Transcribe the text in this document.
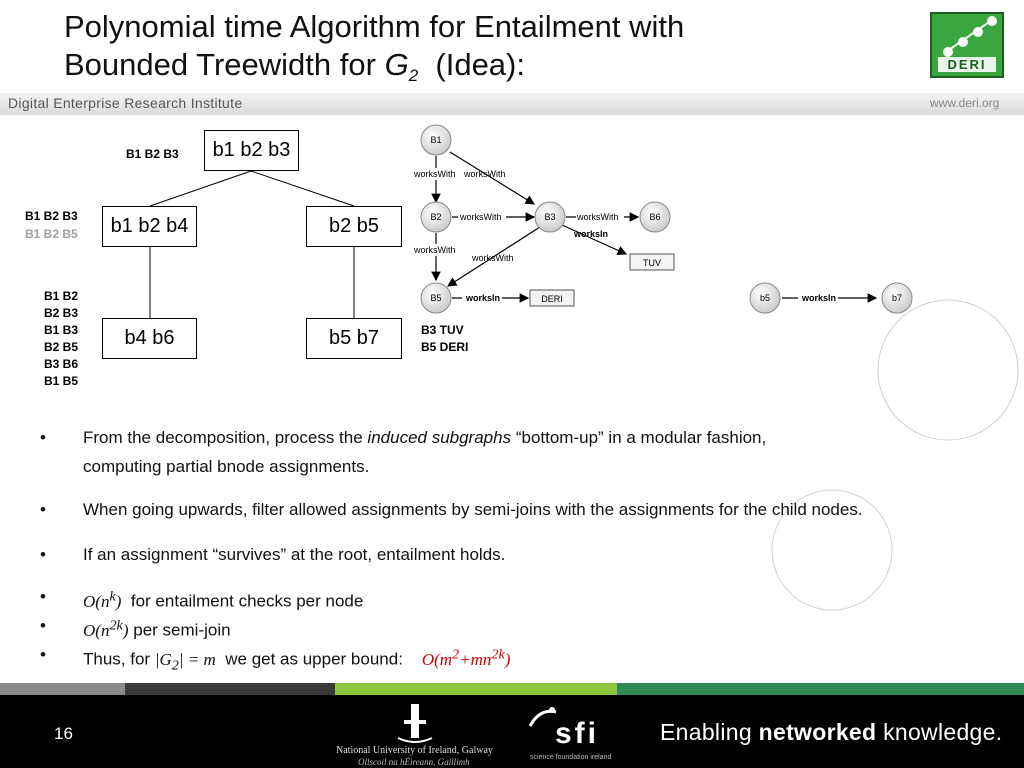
Polynomial time Algorithm for Entailment with
Bounded Treewidth for $G_2$ (Idea):	DERI
Digital Enterprise Research Institute	www.deri.org
B1 B2 B3	b1 b2 b3
B1 B2 B3
B1 B2 B5	b1 b2 b4	b2 b5
B1 B2
B2 B3
B1 B3
B2 B5
B3 B6
B1 B5
b4 b6	b5 b7	B3 TUV
B5 DERI
worksWith worksWith
worksWith	worksWith
worksIn
worksWith
worksWith
worksIn	worksIn
B1
B2	B3	B6
B5	b5	b7
TUV
DERI
• From the decomposition, process the induced subgraphs “bottom-up” in a modular fashion,
computing partial bnode assignments.
• When going upwards, filter allowed assignments by semi-joins with the assignments for the child nodes.
• If an assignment “survives” at the root, entailment holds.
• $O(n^k)$ for entailment checks per node
• $O(n^{2k})$ per semi-join
• Thus, for $|G_2| = m$ we get as upper bound: $O(m^2+mn^{2k})$
16
National University of Ireland, Galway
Ollscoil na hÉireann, Gaillimh
sfi
science foundation ireland
Enabling networked knowledge.
